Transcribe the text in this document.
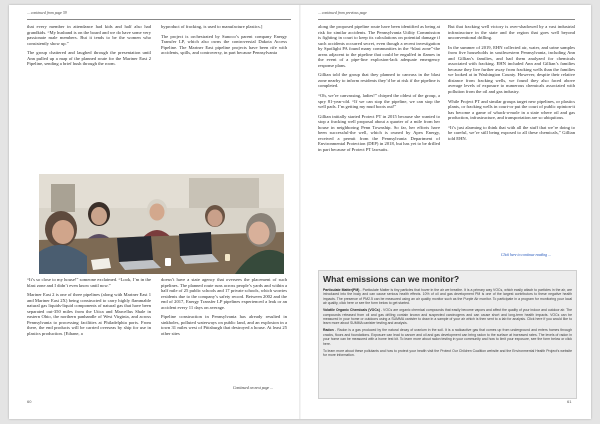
... continued from page 59

that every member in attendance had kids and half also had grandkids. “My husband is on the board and we do have some very passionate male members. But it tends to be the women who consistently show up.”

The group chattered and laughed through the presentation until Ann pulled up a map of the planned route for the Mariner East 2 Pipeline, sending a brief hush through the room.

byproduct of fracking, is used to manufacture plastics.]

The project is orchestrated by Sunoco’s parent company Energy Transfer LP, which also owns the controversial Dakota Access Pipeline. The Mariner East pipeline projects have been rife with accidents, spills, and controversy, in part because Pennsylvania

“It’s so close to my house!” someone exclaimed. “Look, I’m in the blast zone and I didn’t even know until now.”

Mariner East 2 is one of three pipelines (along with Mariner East 1 and Mariner East 2X) being constructed to carry highly flammable natural gas liquids-liquid components of natural gas that have been separated out-350 miles from the Utica and Marcellus Shale in eastern Ohio, the northern panhandle of West Virginia, and across Pennsylvania to processing facilities at Philadelphia ports. From there, the end products will be carried overseas by ship for use in plastics production. [Ethane, a

doesn’t have a state agency that oversees the placement of such pipelines. The planned route runs across people’s yards and within a half mile of 25 public schools and 17 private schools, which worries residents due to the company’s safety record. Between 2002 and the end of 2017, Energy Transfer LP pipelines experienced a leak or an accident every 11 days on average.

Pipeline construction in Pennsylvania has already resulted in sinkholes, polluted waterways on public land, and an explosion in a town 31 miles west of Pittsburgh that destroyed a house. At least 25 other sites

Continued on next page ...
60
... continued from previous page

along the proposed pipeline route have been identified as being at risk for similar accidents. The Pennsylvania Utility Commission is fighting in court to keep its calculations on potential damage if such accidents occurred secret, even though a recent investigation by Spotlight PA found many communities in the “blast zone”-the areas adjacent to the pipeline that could be engulfed in flames in the event of a pipe-line explosion-lack adequate emergency response plans.

Gillian told the group that they planned to canvass in the blast zone nearby to inform residents they’d be at risk if the pipeline is completed.

“Oh, we’re canvassing, ladies!” chirped the oldest of the group, a spry 81-year-old. “If we can stop the pipeline, we can stop the well pads. I’m getting my mud boots out!”

Gillian initially started Protect PT in 2015 because she wanted to stop a fracking well proposal about a quarter of a mile from her house in neighboring Penn Township. So far, her efforts have been successful-the well, which is owned by Apex Energy, received a permit from the Pennsylvania Department of Environmental Protection (DEP) in 2018, but has yet to be drilled in part because of Protect PT lawsuits.

But that fracking well victory is over-shadowed by a vast industrial infrastructure in the state and the region that goes well beyond unconventional drilling.

In the summer of 2019, EHN collected air, water, and urine samples from five households in southwestern Pennsylvania, including Ann and Gillian’s families, and had them analyzed for chemicals associated with fracking. EHN included Ann and Gillian’s families because they live further away from fracking wells than the families we looked at in Washington County. However, despite their relative distance from fracking wells, we found they also faced above average levels of exposure to numerous chemicals associated with pollution from the oil and gas industry.

While Project PT and similar groups target new pipelines, or plastics plants, or fracking wells in court-or put the court of public opinion-it has become a game of whack-a-mole in a state where oil and gas production, infrastructure, and transportation are so ubiquitous.

“It’s just alarming to think that with all the stuff that we’re doing to be careful, we’re still being exposed to all these chemicals,” Gillian told EHN.

Click here to continue reading ...
What emissions can we monitor?

Particulate Matter(PM) - Particulate Matter is tiny particles that hover in the air we breathe. It is a primary way VOCs, which easily attach to particles in the air, are introduced into the body and can cause serious health effects. 10% of oil and gas development PM is one of the largest contributors to these negative health impacts. The presence of PM2.5 can be measured using an air quality monitor such as the Purple Air monitor. To participate in a program for monitoring your local air quality, click here or see the form below to get started.

Volatile Organic Chemicals (VOCs) - VOCs are organic chemical compounds that easily become vapors and affect the quality of your indoor and outdoor air. The compounds released from oil and gas drilling contain known and suspected carcinogens and can cause short and long-term health impacts. VOCs can be measured in your home or outdoors using a SUMMA canister to draw in a sample of your air which is then sent to a lab for analysis. Click here if you would like to learn more about SUMMA canister testing and analysis.

Radon - Radon is a gas produced by the natural decay of uranium in the soil. It is a radioactive gas that comes up from underground and enters homes through cracks, floors and foundations. Exposure can lead to cancer and oil and gas development can bring radon to the surface at increased rates. The levels of radon in your home can be measured with a home test kit. To learn more about radon testing in your community and how to limit your exposure, see the form below or click here.

To learn more about these pollutants and how to protect your health visit the Protect Our Children Coalition website and the Environmental Health Project’s website for more information.

61
